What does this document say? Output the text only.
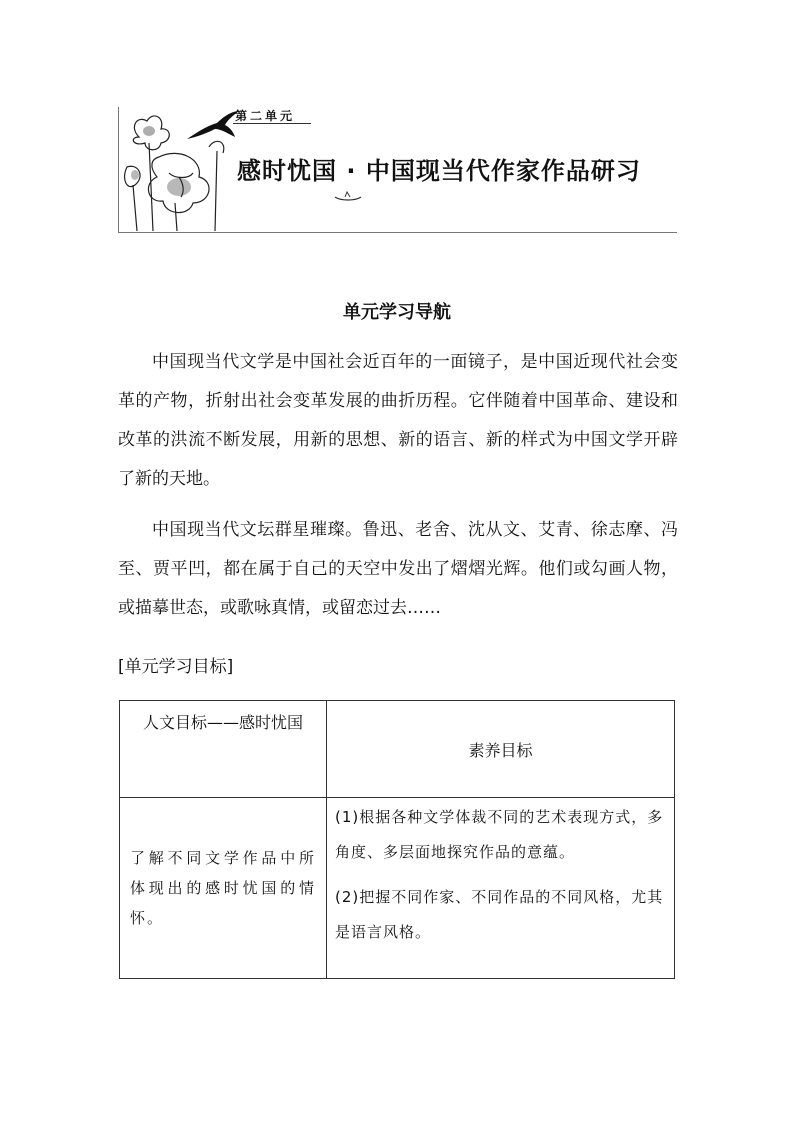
第二单元
感时忧国 · 中国现当代作家作品研习
单元学习导航

中国现当代文学是中国社会近百年的一面镜子，是中国近现代社会变革的产物，折射出社会变革发展的曲折历程。它伴随着中国革命、建设和改革的洪流不断发展，用新的思想、新的语言、新的样式为中国文学开辟了新的天地。

中国现当代文坛群星璀璨。鲁迅、老舍、沈从文、艾青、徐志摩、冯至、贾平凹，都在属于自己的天空中发出了熠熠光辉。他们或勾画人物，或描摹世态，或歌咏真情，或留恋过去……

[单元学习目标]
人文目标——感时忧国	素养目标
了解不同文学作品中所体现出的感时忧国的情怀。	(1)根据各种文学体裁不同的艺术表现方式，多角度、多层面地探究作品的意蕴。

(2)把握不同作家、不同作品的不同风格，尤其是语言风格。
